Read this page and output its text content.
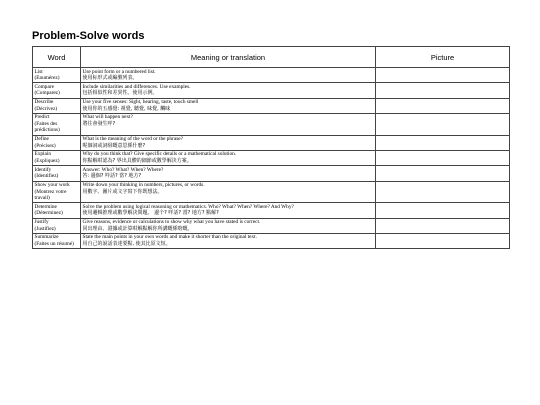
Problem-Solve words
Word	Meaning or translation	Picture

List
(Enumérez)	Use point form or a numbered list.
使用标形式或編號列表。	

Compare
(Comparez)	Include similarities and differences. Use examples.
包括相似性和差異性。使用示例。	

Describe
(Décrivez)	Use your five senses: Sight, hearing, taste, touch smell
使用你的五感覺: 視覺, 聽覺, 味覺, 觸味	

Predict
(Faites des prédictions)	What will happen next?
將往會發生咩?	

Define
(Précisez)	What is the meaning of the word or the phrase?
呢個詞或詞組嘅意思係什麼?	

Explain
(Expliquez)	Why do you think that? Give specific details or a mathematical solution.
你點解咁認為? 界出具體的細節或數學解決方案。	

Identify
(Identifiez)	Answer: Who? What? When? Where?
答: 邊個? 咩話? 當? 地方?	

Show your work
(Montrez votre travail)	Write down your thinking in numbers, pictures, or words.
用數字、圖片或文字寫下你既想法。	

Determine
(Déterminez)	Solve the problem using logical reasoning or mathematics. Who? What? When? Where? And Why?
使用邏輯推理或數學解決問題。 邊个? 咩話? 當? 地方? 點解?	

Justify
(Justifiez)	Give reasons, evidence or calculations to show why what you have stated is correct.
同出理由、證據或計算咁解點解你所講嘅係啱嘅。	

Summarize
(Faites un résumé)	State the main points in your own words and make it shorter than the original text.
用自己的說話表達要點, 使其比原文短。	
